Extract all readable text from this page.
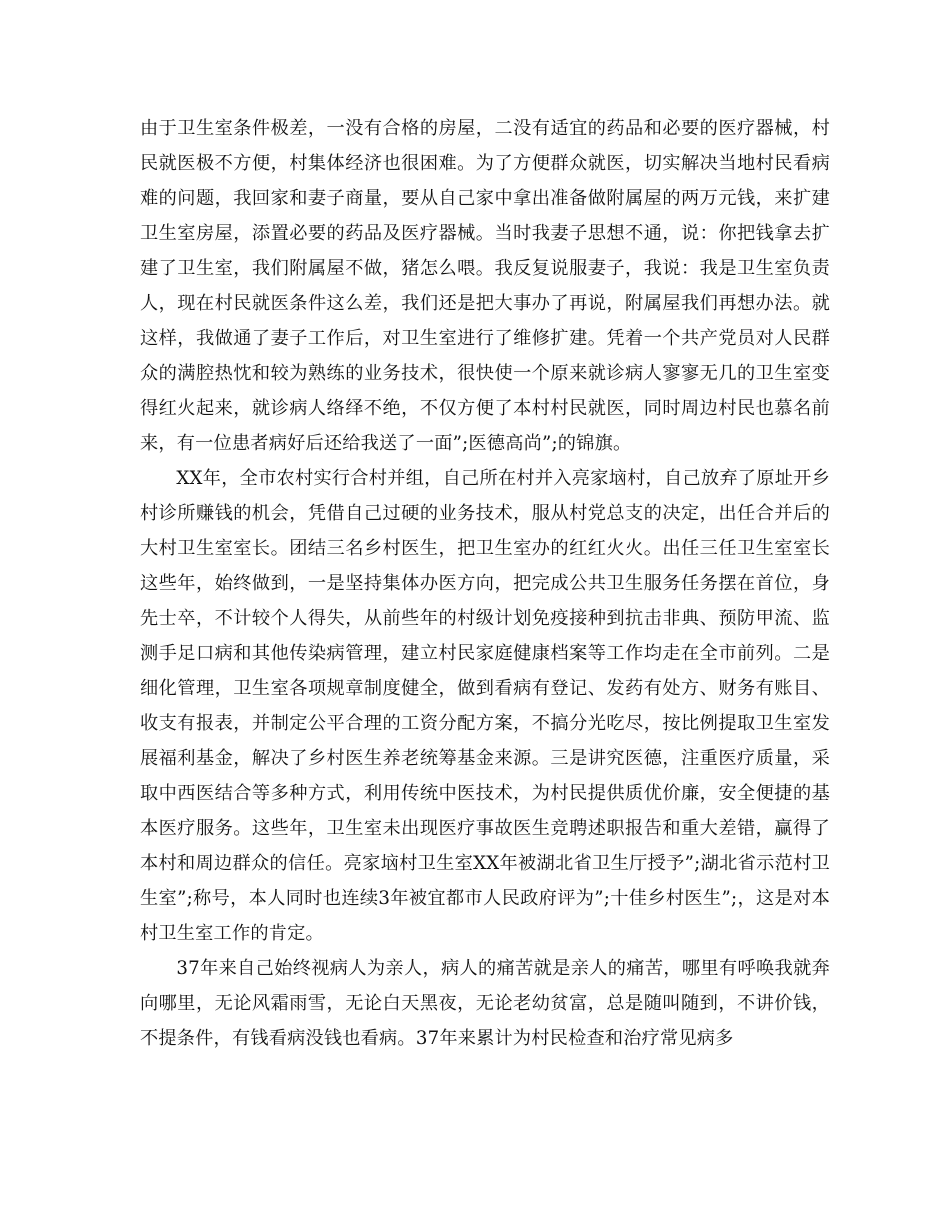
由于卫生室条件极差，一没有合格的房屋，二没有适宜的药品和必要的医疗器械，村民就医极不方便，村集体经济也很困难。为了方便群众就医，切实解决当地村民看病难的问题，我回家和妻子商量，要从自己家中拿出准备做附属屋的两万元钱，来扩建卫生室房屋，添置必要的药品及医疗器械。当时我妻子思想不通，说：你把钱拿去扩建了卫生室，我们附属屋不做，猪怎么喂。我反复说服妻子，我说：我是卫生室负责人，现在村民就医条件这么差，我们还是把大事办了再说，附属屋我们再想办法。就这样，我做通了妻子工作后，对卫生室进行了维修扩建。凭着一个共产党员对人民群众的满腔热忱和较为熟练的业务技术，很快使一个原来就诊病人寥寥无几的卫生室变得红火起来，就诊病人络绎不绝，不仅方便了本村村民就医，同时周边村民也慕名前来，有一位患者病好后还给我送了一面”;医德高尚”;的锦旗。

XX年，全市农村实行合村并组，自己所在村并入亮家垴村，自己放弃了原址开乡村诊所赚钱的机会，凭借自己过硬的业务技术，服从村党总支的决定，出任合并后的大村卫生室室长。团结三名乡村医生，把卫生室办的红红火火。出任三任卫生室室长这些年，始终做到，一是坚持集体办医方向，把完成公共卫生服务任务摆在首位，身先士卒，不计较个人得失，从前些年的村级计划免疫接种到抗击非典、预防甲流、监测手足口病和其他传染病管理，建立村民家庭健康档案等工作均走在全市前列。二是细化管理，卫生室各项规章制度健全，做到看病有登记、发药有处方、财务有账目、收支有报表，并制定公平合理的工资分配方案，不搞分光吃尽，按比例提取卫生室发展福利基金，解决了乡村医生养老统筹基金来源。三是讲究医德，注重医疗质量，采取中西医结合等多种方式，利用传统中医技术，为村民提供质优价廉，安全便捷的基本医疗服务。这些年，卫生室未出现医疗事故医生竞聘述职报告和重大差错，赢得了本村和周边群众的信任。亮家垴村卫生室XX年被湖北省卫生厅授予”;湖北省示范村卫生室”;称号，本人同时也连续3年被宜都市人民政府评为”;十佳乡村医生”;，这是对本村卫生室工作的肯定。

37年来自己始终视病人为亲人，病人的痛苦就是亲人的痛苦，哪里有呼唤我就奔向哪里，无论风霜雨雪，无论白天黑夜，无论老幼贫富，总是随叫随到，不讲价钱，不提条件，有钱看病没钱也看病。37年来累计为村民检查和治疗常见病多
